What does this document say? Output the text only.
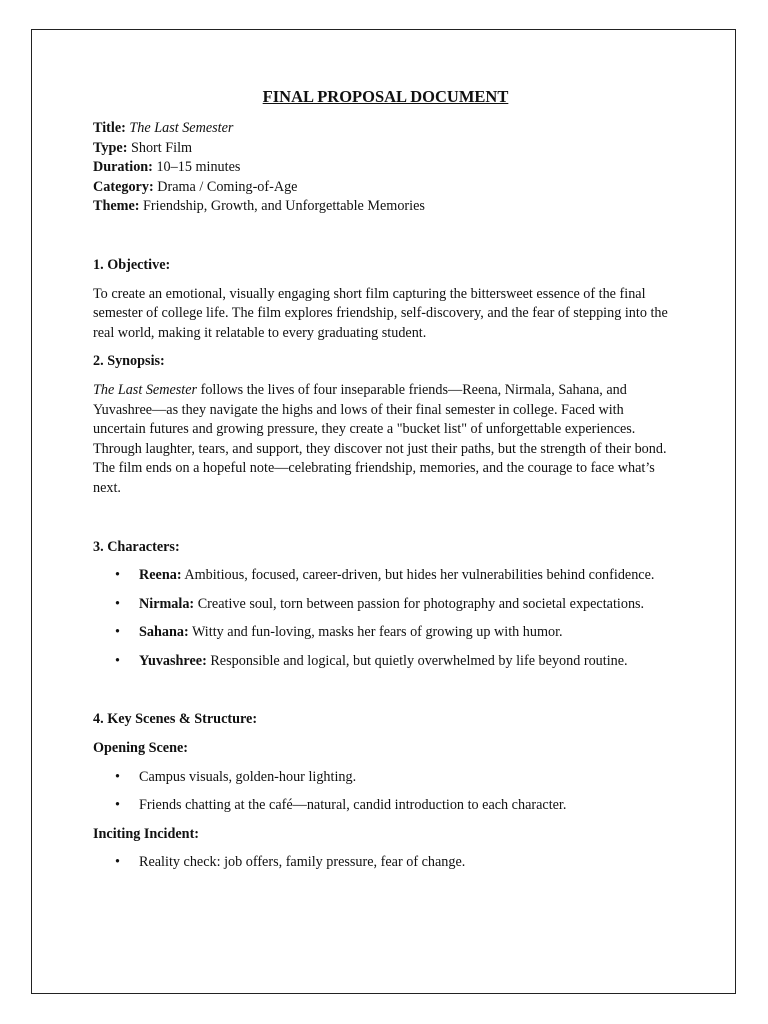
FINAL PROPOSAL DOCUMENT

Title: The Last Semester

Type: Short Film

Duration: 10–15 minutes

Category: Drama / Coming-of-Age

Theme: Friendship, Growth, and Unforgettable Memories

1. Objective:

To create an emotional, visually engaging short film capturing the bittersweet essence of the final semester of college life. The film explores friendship, self-discovery, and the fear of stepping into the real world, making it relatable to every graduating student.

2. Synopsis:

The Last Semester follows the lives of four inseparable friends—Reena, Nirmala, Sahana, and Yuvashree—as they navigate the highs and lows of their final semester in college. Faced with uncertain futures and growing pressure, they create a "bucket list" of unforgettable experiences. Through laughter, tears, and support, they discover not just their paths, but the strength of their bond. The film ends on a hopeful note—celebrating friendship, memories, and the courage to face what’s next.

3. Characters:

• Reena: Ambitious, focused, career-driven, but hides her vulnerabilities behind confidence.
• Nirmala: Creative soul, torn between passion for photography and societal expectations.
• Sahana: Witty and fun-loving, masks her fears of growing up with humor.
• Yuvashree: Responsible and logical, but quietly overwhelmed by life beyond routine.

4. Key Scenes & Structure:

Opening Scene:

• Campus visuals, golden-hour lighting.
• Friends chatting at the café—natural, candid introduction to each character.

Inciting Incident:

• Reality check: job offers, family pressure, fear of change.
